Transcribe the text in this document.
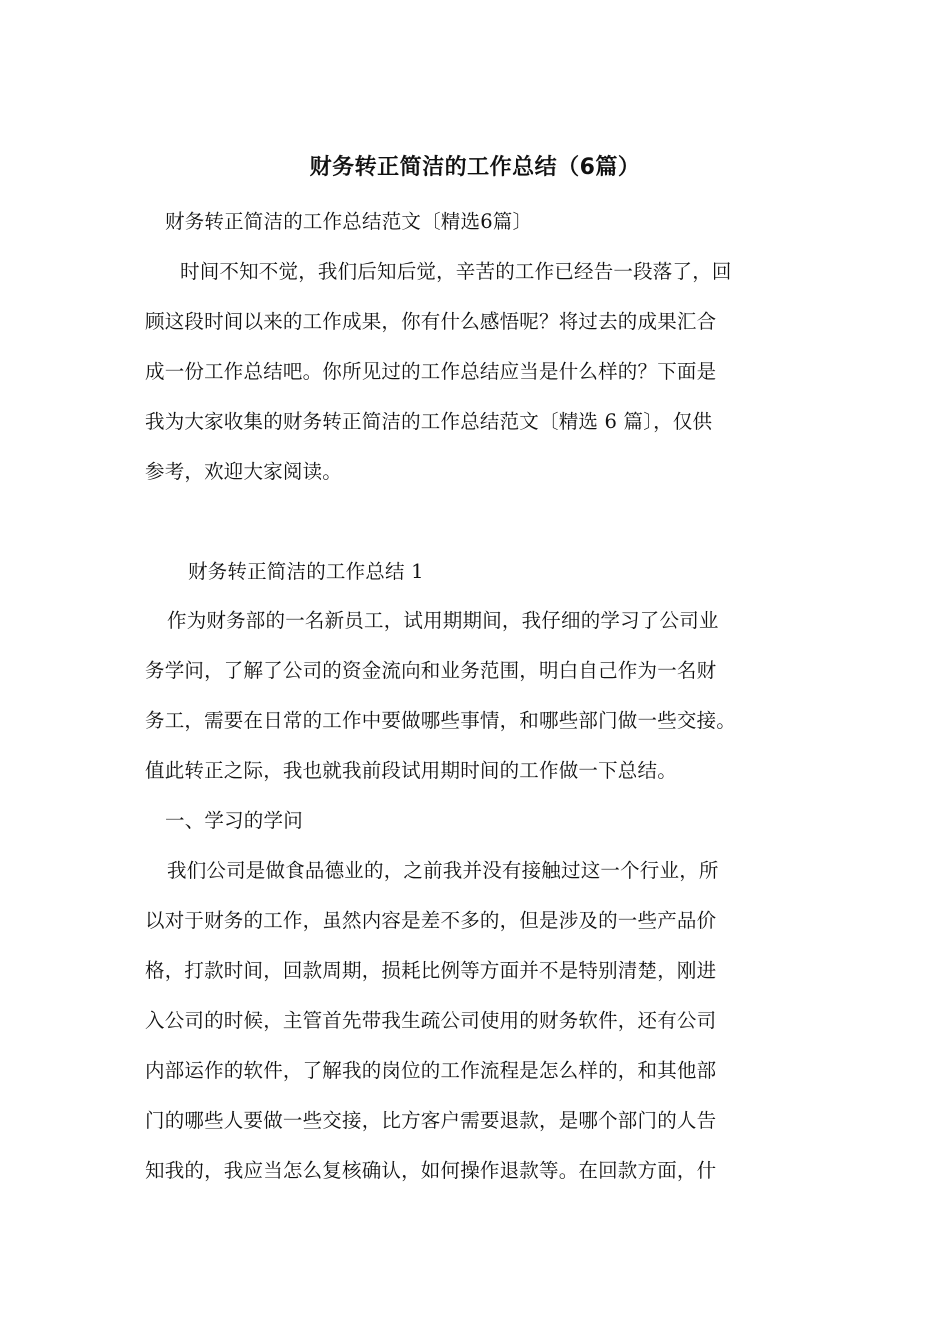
财务转正简洁的工作总结（6篇）
财务转正简洁的工作总结范文〔精选6篇〕
时间不知不觉，我们后知后觉，辛苦的工作已经告一段落了，回
顾这段时间以来的工作成果，你有什么感悟呢？将过去的成果汇合
成一份工作总结吧。你所见过的工作总结应当是什么样的？下面是
我为大家收集的财务转正简洁的工作总结范文〔精选 6 篇〕，仅供
参考，欢迎大家阅读。
财务转正简洁的工作总结 1
作为财务部的一名新员工，试用期期间，我仔细的学习了公司业
务学问，了解了公司的资金流向和业务范围，明白自己作为一名财
务工，需要在日常的工作中要做哪些事情，和哪些部门做一些交接。
值此转正之际，我也就我前段试用期时间的工作做一下总结。
一、学习的学问
我们公司是做食品德业的，之前我并没有接触过这一个行业，所
以对于财务的工作，虽然内容是差不多的，但是涉及的一些产品价
格，打款时间，回款周期，损耗比例等方面并不是特别清楚，刚进
入公司的时候，主管首先带我生疏公司使用的财务软件，还有公司
内部运作的软件，了解我的岗位的工作流程是怎么样的，和其他部
门的哪些人要做一些交接，比方客户需要退款，是哪个部门的人告
知我的，我应当怎么复核确认，如何操作退款等。在回款方面，什
